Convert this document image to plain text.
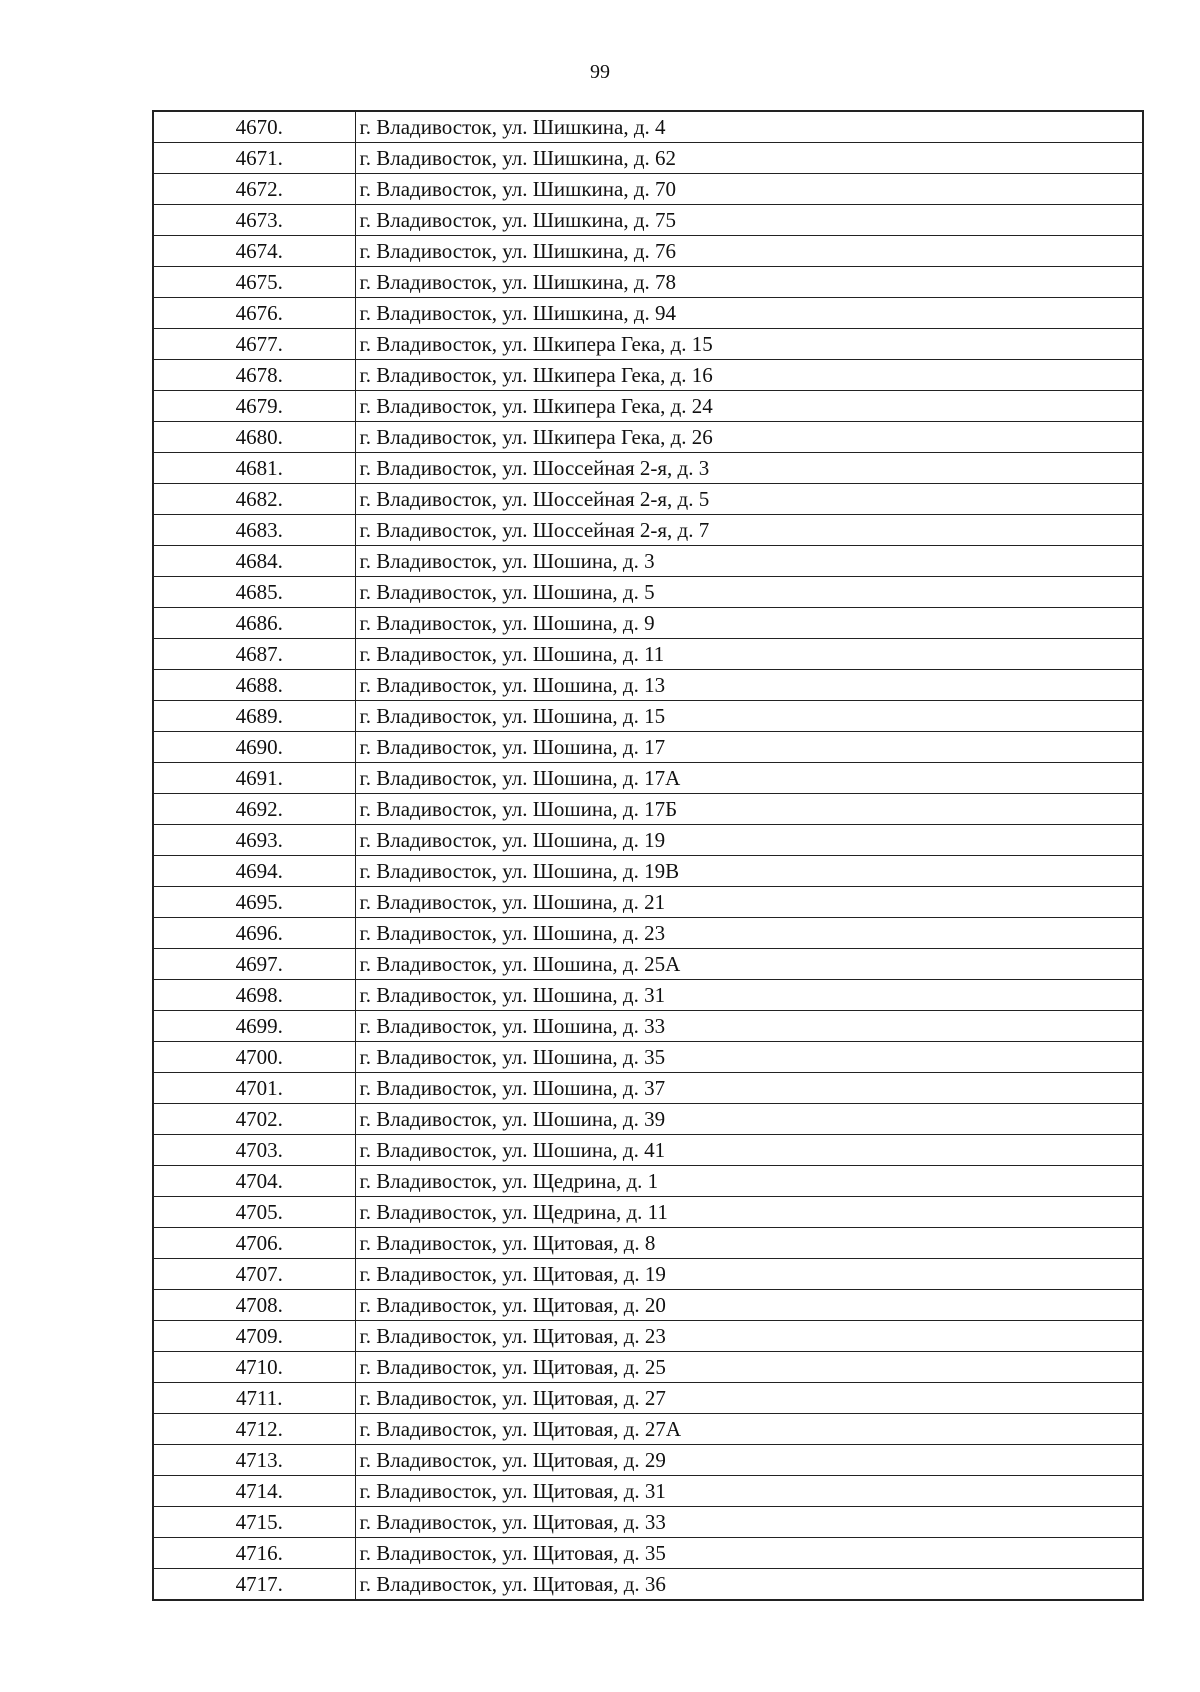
99
4670.	г. Владивосток, ул. Шишкина, д. 4
4671.	г. Владивосток, ул. Шишкина, д. 62
4672.	г. Владивосток, ул. Шишкина, д. 70
4673.	г. Владивосток, ул. Шишкина, д. 75
4674.	г. Владивосток, ул. Шишкина, д. 76
4675.	г. Владивосток, ул. Шишкина, д. 78
4676.	г. Владивосток, ул. Шишкина, д. 94
4677.	г. Владивосток, ул. Шкипера Гека, д. 15
4678.	г. Владивосток, ул. Шкипера Гека, д. 16
4679.	г. Владивосток, ул. Шкипера Гека, д. 24
4680.	г. Владивосток, ул. Шкипера Гека, д. 26
4681.	г. Владивосток, ул. Шоссейная 2-я, д. 3
4682.	г. Владивосток, ул. Шоссейная 2-я, д. 5
4683.	г. Владивосток, ул. Шоссейная 2-я, д. 7
4684.	г. Владивосток, ул. Шошина, д. 3
4685.	г. Владивосток, ул. Шошина, д. 5
4686.	г. Владивосток, ул. Шошина, д. 9
4687.	г. Владивосток, ул. Шошина, д. 11
4688.	г. Владивосток, ул. Шошина, д. 13
4689.	г. Владивосток, ул. Шошина, д. 15
4690.	г. Владивосток, ул. Шошина, д. 17
4691.	г. Владивосток, ул. Шошина, д. 17А
4692.	г. Владивосток, ул. Шошина, д. 17Б
4693.	г. Владивосток, ул. Шошина, д. 19
4694.	г. Владивосток, ул. Шошина, д. 19В
4695.	г. Владивосток, ул. Шошина, д. 21
4696.	г. Владивосток, ул. Шошина, д. 23
4697.	г. Владивосток, ул. Шошина, д. 25А
4698.	г. Владивосток, ул. Шошина, д. 31
4699.	г. Владивосток, ул. Шошина, д. 33
4700.	г. Владивосток, ул. Шошина, д. 35
4701.	г. Владивосток, ул. Шошина, д. 37
4702.	г. Владивосток, ул. Шошина, д. 39
4703.	г. Владивосток, ул. Шошина, д. 41
4704.	г. Владивосток, ул. Щедрина, д. 1
4705.	г. Владивосток, ул. Щедрина, д. 11
4706.	г. Владивосток, ул. Щитовая, д. 8
4707.	г. Владивосток, ул. Щитовая, д. 19
4708.	г. Владивосток, ул. Щитовая, д. 20
4709.	г. Владивосток, ул. Щитовая, д. 23
4710.	г. Владивосток, ул. Щитовая, д. 25
4711.	г. Владивосток, ул. Щитовая, д. 27
4712.	г. Владивосток, ул. Щитовая, д. 27А
4713.	г. Владивосток, ул. Щитовая, д. 29
4714.	г. Владивосток, ул. Щитовая, д. 31
4715.	г. Владивосток, ул. Щитовая, д. 33
4716.	г. Владивосток, ул. Щитовая, д. 35
4717.	г. Владивосток, ул. Щитовая, д. 36
